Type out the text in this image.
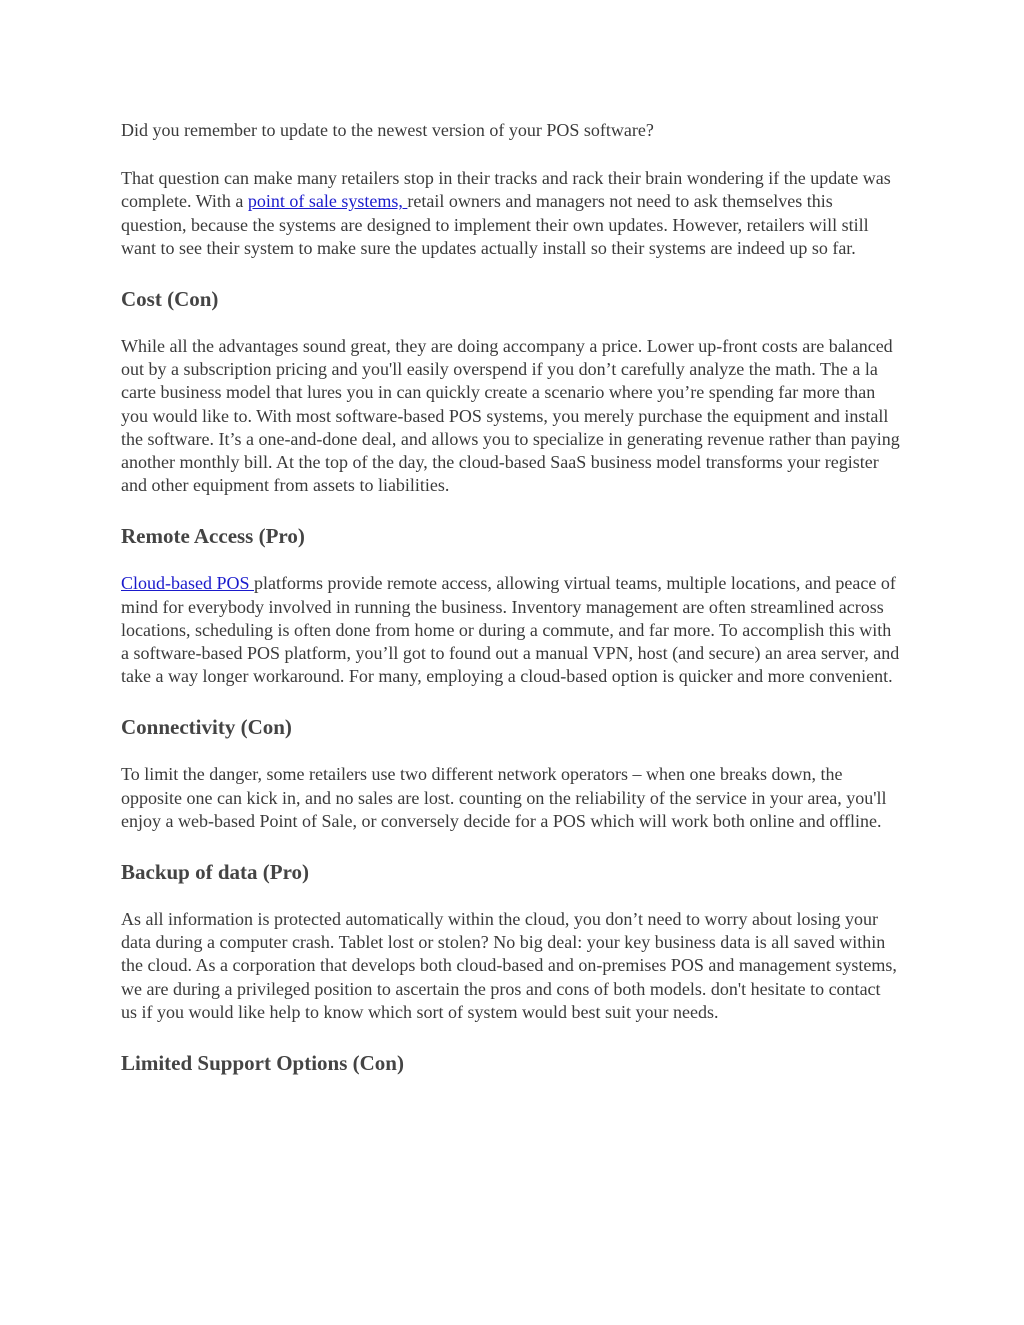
Did you remember to update to the newest version of your POS software?

That question can make many retailers stop in their tracks and rack their brain wondering if the update was complete. With a point of sale systems, retail owners and managers not need to ask themselves this question, because the systems are designed to implement their own updates. However, retailers will still want to see their system to make sure the updates actually install so their systems are indeed up so far.

Cost (Con)

While all the advantages sound great, they are doing accompany a price. Lower up-front costs are balanced out by a subscription pricing and you'll easily overspend if you don’t carefully analyze the math. The a la carte business model that lures you in can quickly create a scenario where you’re spending far more than you would like to. With most software-based POS systems, you merely purchase the equipment and install the software. It’s a one-and-done deal, and allows you to specialize in generating revenue rather than paying another monthly bill. At the top of the day, the cloud-based SaaS business model transforms your register and other equipment from assets to liabilities.

Remote Access (Pro)

Cloud-based POS platforms provide remote access, allowing virtual teams, multiple locations, and peace of mind for everybody involved in running the business. Inventory management are often streamlined across locations, scheduling is often done from home or during a commute, and far more. To accomplish this with a software-based POS platform, you’ll got to found out a manual VPN, host (and secure) an area server, and take a way longer workaround. For many, employing a cloud-based option is quicker and more convenient.

Connectivity (Con)

To limit the danger, some retailers use two different network operators – when one breaks down, the opposite one can kick in, and no sales are lost. counting on the reliability of the service in your area, you'll enjoy a web-based Point of Sale, or conversely decide for a POS which will work both online and offline.

Backup of data (Pro)

As all information is protected automatically within the cloud, you don’t need to worry about losing your data during a computer crash. Tablet lost or stolen? No big deal: your key business data is all saved within the cloud. As a corporation that develops both cloud-based and on-premises POS and management systems, we are during a privileged position to ascertain the pros and cons of both models. don't hesitate to contact us if you would like help to know which sort of system would best suit your needs.

Limited Support Options (Con)
